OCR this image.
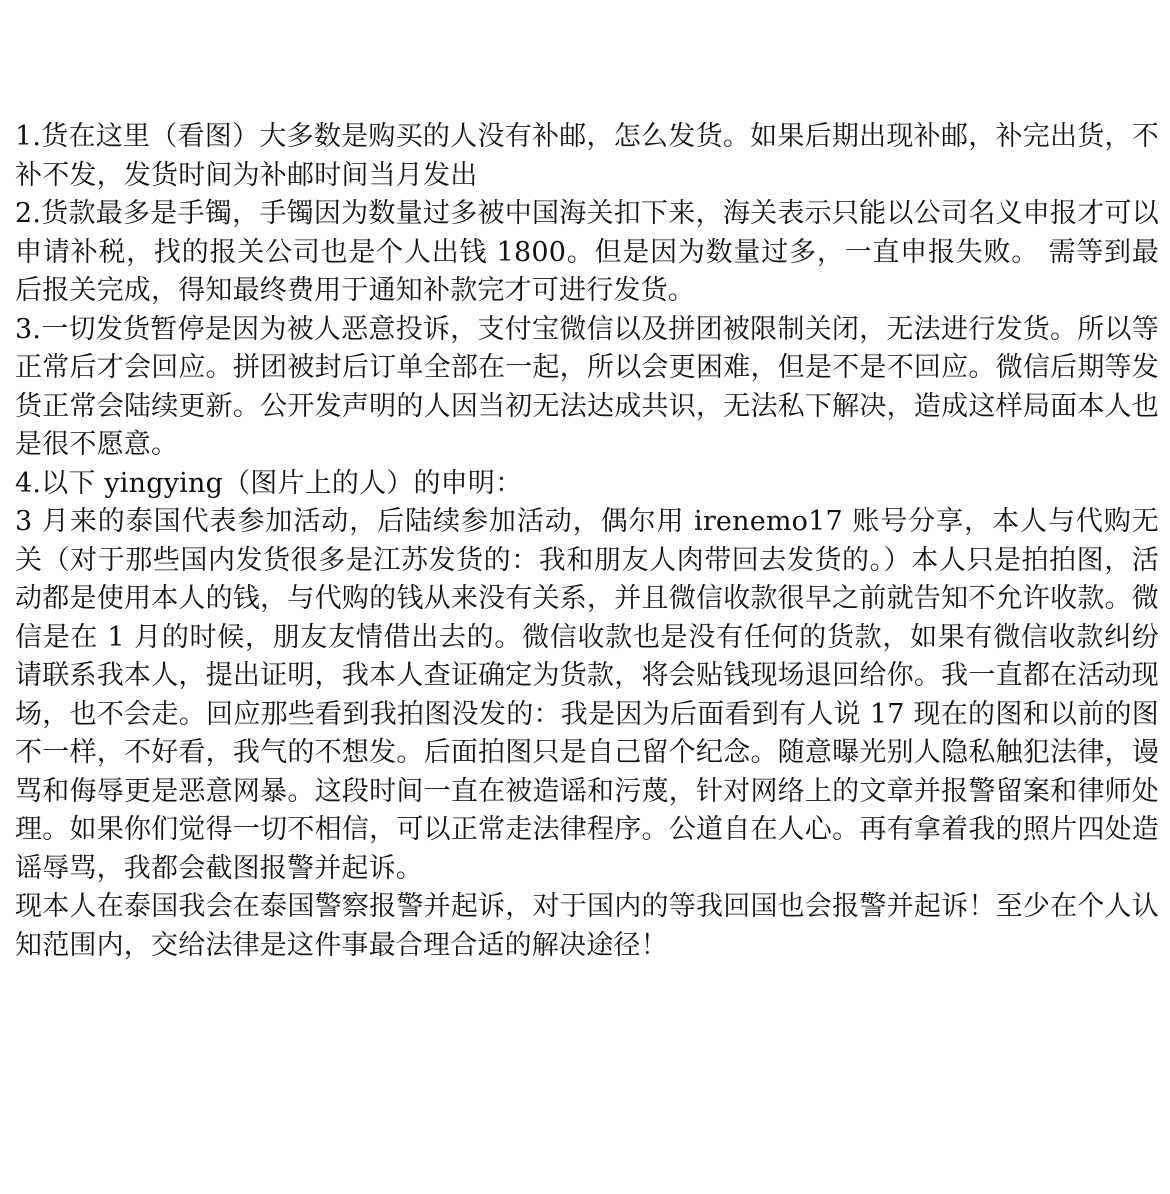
1.货在这里（看图）大多数是购买的人没有补邮，怎么发货。如果后期出现补邮，补完出货，不补不发，发货时间为补邮时间当月发出

2.货款最多是手镯，手镯因为数量过多被中国海关扣下来，海关表示只能以公司名义申报才可以申请补税，找的报关公司也是个人出钱 1800。但是因为数量过多，一直申报失败。 需等到最后报关完成，得知最终费用于通知补款完才可进行发货。

3.一切发货暂停是因为被人恶意投诉，支付宝微信以及拼团被限制关闭，无法进行发货。所以等正常后才会回应。拼团被封后订单全部在一起，所以会更困难，但是不是不回应。微信后期等发货正常会陆续更新。公开发声明的人因当初无法达成共识，无法私下解决，造成这样局面本人也是很不愿意。

4.以下 yingying（图片上的人）的申明：

3 月来的泰国代表参加活动，后陆续参加活动，偶尔用 irenemo17 账号分享，本人与代购无关（对于那些国内发货很多是江苏发货的：我和朋友人肉带回去发货的。）本人只是拍拍图，活动都是使用本人的钱，与代购的钱从来没有关系，并且微信收款很早之前就告知不允许收款。微信是在 1 月的时候，朋友友情借出去的。微信收款也是没有任何的货款，如果有微信收款纠纷请联系我本人，提出证明，我本人查证确定为货款，将会贴钱现场退回给你。我一直都在活动现场，也不会走。回应那些看到我拍图没发的：我是因为后面看到有人说 17 现在的图和以前的图不一样，不好看，我气的不想发。后面拍图只是自己留个纪念。随意曝光别人隐私触犯法律，谩骂和侮辱更是恶意网暴。这段时间一直在被造谣和污蔑，针对网络上的文章并报警留案和律师处理。如果你们觉得一切不相信，可以正常走法律程序。公道自在人心。再有拿着我的照片四处造谣辱骂，我都会截图报警并起诉。

现本人在泰国我会在泰国警察报警并起诉，对于国内的等我回国也会报警并起诉！至少在个人认知范围内，交给法律是这件事最合理合适的解决途径！
